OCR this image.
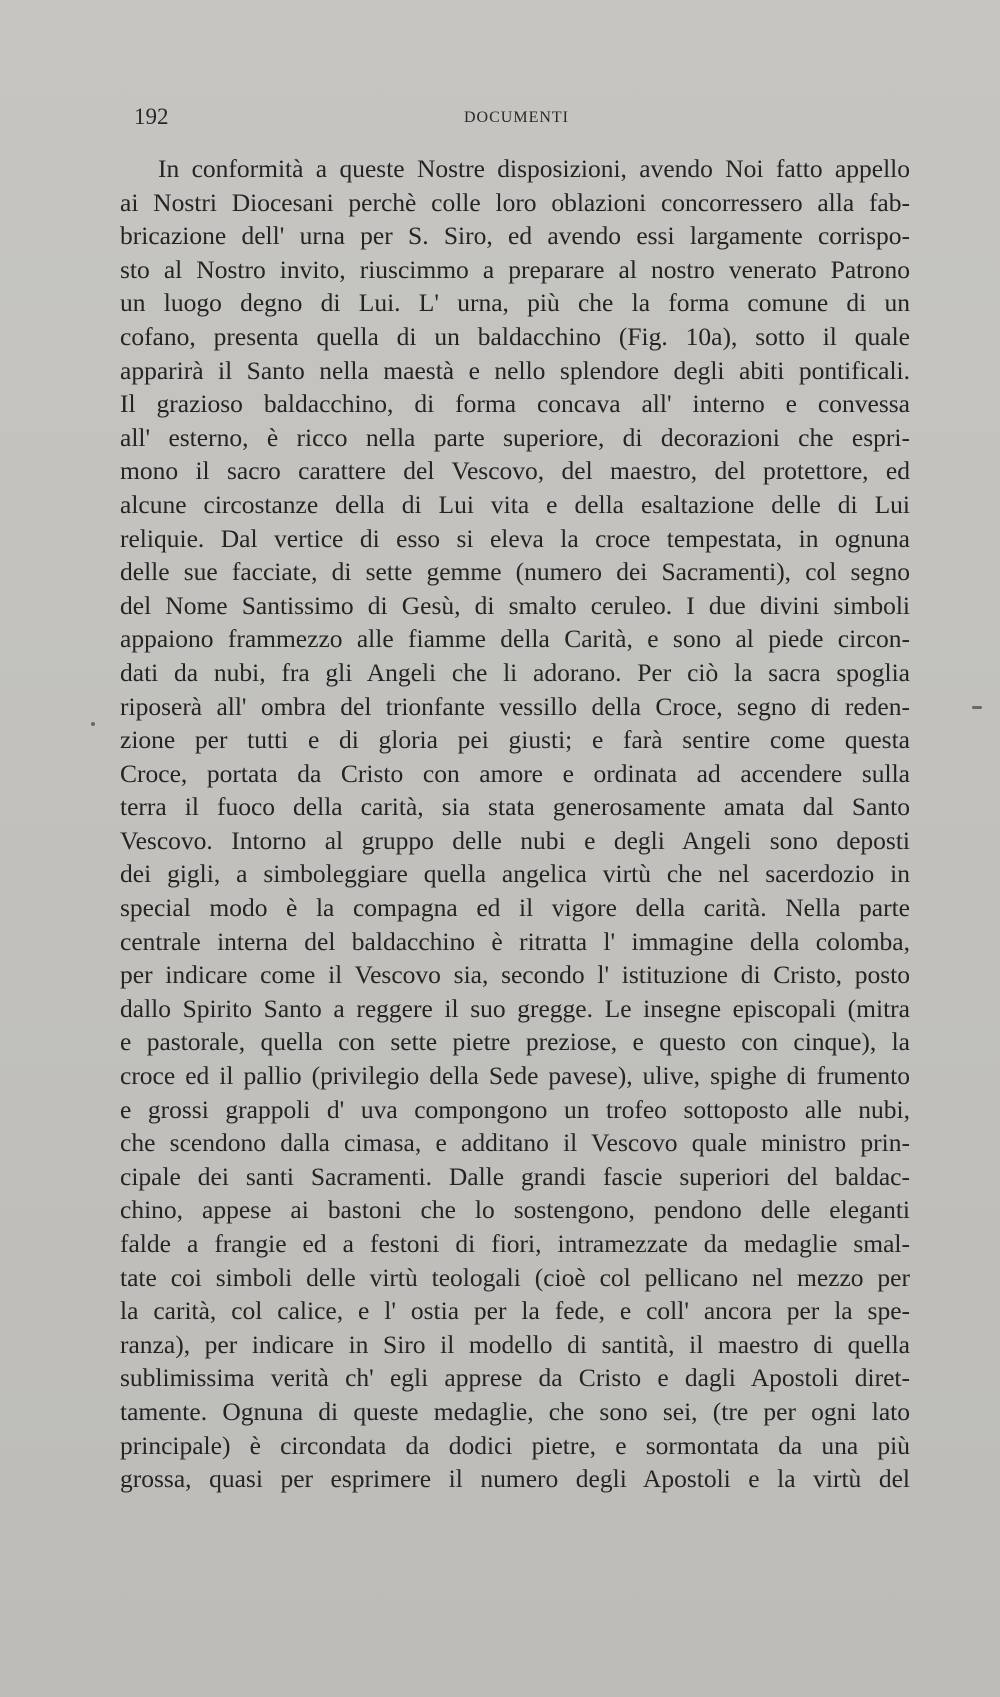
192	DOCUMENTI
In conformità a queste Nostre disposizioni, avendo Noi fatto appello
ai Nostri Diocesani perchè colle loro oblazioni concorressero alla fab-
bricazione dell' urna per S. Siro, ed avendo essi largamente corrispo-
sto al Nostro invito, riuscimmo a preparare al nostro venerato Patrono
un luogo degno di Lui. L' urna, più che la forma comune di un
cofano, presenta quella di un baldacchino (Fig. 10a), sotto il quale
apparirà il Santo nella maestà e nello splendore degli abiti pontificali.
Il grazioso baldacchino, di forma concava all' interno e convessa
all' esterno, è ricco nella parte superiore, di decorazioni che espri-
mono il sacro carattere del Vescovo, del maestro, del protettore, ed
alcune circostanze della di Lui vita e della esaltazione delle di Lui
reliquie. Dal vertice di esso si eleva la croce tempestata, in ognuna
delle sue facciate, di sette gemme (numero dei Sacramenti), col segno
del Nome Santissimo di Gesù, di smalto ceruleo. I due divini simboli
appaiono frammezzo alle fiamme della Carità, e sono al piede circon-
dati da nubi, fra gli Angeli che li adorano. Per ciò la sacra spoglia
riposerà all' ombra del trionfante vessillo della Croce, segno di reden-
zione per tutti e di gloria pei giusti; e farà sentire come questa
Croce, portata da Cristo con amore e ordinata ad accendere sulla
terra il fuoco della carità, sia stata generosamente amata dal Santo
Vescovo. Intorno al gruppo delle nubi e degli Angeli sono deposti
dei gigli, a simboleggiare quella angelica virtù che nel sacerdozio in
special modo è la compagna ed il vigore della carità. Nella parte
centrale interna del baldacchino è ritratta l' immagine della colomba,
per indicare come il Vescovo sia, secondo l' istituzione di Cristo, posto
dallo Spirito Santo a reggere il suo gregge. Le insegne episcopali (mitra
e pastorale, quella con sette pietre preziose, e questo con cinque), la
croce ed il pallio (privilegio della Sede pavese), ulive, spighe di frumento
e grossi grappoli d' uva compongono un trofeo sottoposto alle nubi,
che scendono dalla cimasa, e additano il Vescovo quale ministro prin-
cipale dei santi Sacramenti. Dalle grandi fascie superiori del baldac-
chino, appese ai bastoni che lo sostengono, pendono delle eleganti
falde a frangie ed a festoni di fiori, intramezzate da medaglie smal-
tate coi simboli delle virtù teologali (cioè col pellicano nel mezzo per
la carità, col calice, e l' ostia per la fede, e coll' ancora per la spe-
ranza), per indicare in Siro il modello di santità, il maestro di quella
sublimissima verità ch' egli apprese da Cristo e dagli Apostoli diret-
tamente. Ognuna di queste medaglie, che sono sei, (tre per ogni lato
principale) è circondata da dodici pietre, e sormontata da una più
grossa, quasi per esprimere il numero degli Apostoli e la virtù del
